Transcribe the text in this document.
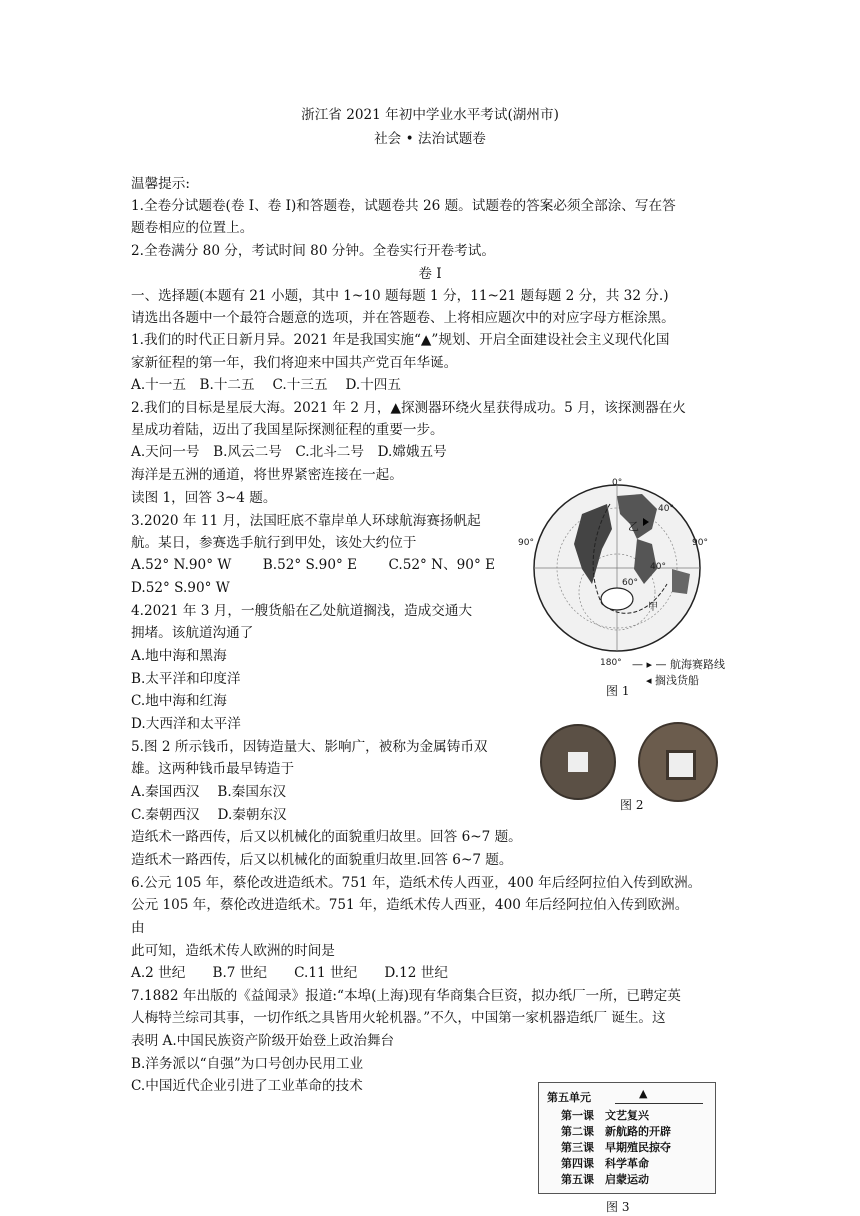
浙江省 2021 年初中学业水平考试(湖州市)
社会 • 法治试题卷
温馨提示:
1.全卷分试题卷(卷 I、卷 I)和答题卷，试题卷共 26 题。试题卷的答案必须全部涂、写在答
题卷相应的位置上。
2.全卷满分 80 分，考试时间 80 分钟。全卷实行开卷考试。
卷 I
一、选择题(本题有 21 小题，其中 1~10 题每题 1 分，11~21 题每题 2 分，共 32 分.)
请选出各题中一个最符合题意的选项，并在答题卷、上将相应题次中的对应字母方框涂黑。
1.我们的时代正日新月异。2021 年是我国实施“▲”规划、开启全面建设社会主义现代化国
家新征程的第一年，我们将迎来中国共产党百年华诞。
A.十一五　B.十二五　 C.十三五　 D.十四五
2.我们的目标是星辰大海。2021 年 2 月，▲探测器环绕火星获得成功。5 月，该探测器在火
星成功着陆，迈出了我国星际探测征程的重要一步。
A.天问一号　B.风云二号　C.北斗二号　D.嫦娥五号
海洋是五洲的通道，将世界紧密连接在一起。
读图 1，回答 3~4 题。
3.2020 年 11 月，法国旺底不靠岸单人环球航海赛扬帆起
航。某日，参赛选手航行到甲处，该处大约位于
A.52° N.90° W　　 B.52° S.90° E　　 C.52° N、90° E
D.52° S.90° W
4.2021 年 3 月，一艘货船在乙处航道搁浅，造成交通大
拥堵。该航道沟通了
A.地中海和黑海
B.太平洋和印度洋
C.地中海和红海
D.大西洋和太平洋
5.图 2 所示钱币，因铸造量大、影响广，被称为金属铸币双
雄。这两种钱币最早铸造于
A.秦国西汉　 B.秦国东汉
C.秦朝西汉　 D.秦朝东汉
造纸术一路西传，后又以机械化的面貌重归故里。回答 6~7 题。
造纸术一路西传，后又以机械化的面貌重归故里.回答 6~7 题。
6.公元 105 年，蔡伦改进造纸术。751 年，造纸术传人西亚，400 年后经阿拉伯入传到欧洲。
公元 105 年，蔡伦改进造纸术。751 年，造纸术传人西亚，400 年后经阿拉伯入传到欧洲。
由
此可知，造纸术传人欧洲的时间是
A.2 世纪　　B.7 世纪　　C.11 世纪　　D.12 世纪
7.1882 年出版的《益闻录》报道:“本埠(上海)现有华商集合巨资，拟办纸厂一所，已聘定英
人梅特兰综司其事，一切作纸之具皆用火轮机器。”不久，中国第一家机器造纸厂 诞生。这
表明 A.中国民族资产阶级开始登上政治舞台
B.洋务派以“自强”为口号创办民用工业
C.中国近代企业引进了工业革命的技术
0°
40°
90°	90°
40°
60°
180°
乙
甲
— ▸ — 航海赛路线
◂ 搁浅货船
图 1
图 2
第五单元	▲
第一课　文艺复兴
第二课　新航路的开辟
第三课　早期殖民掠夺
第四课　科学革命
第五课　启蒙运动
图 3
